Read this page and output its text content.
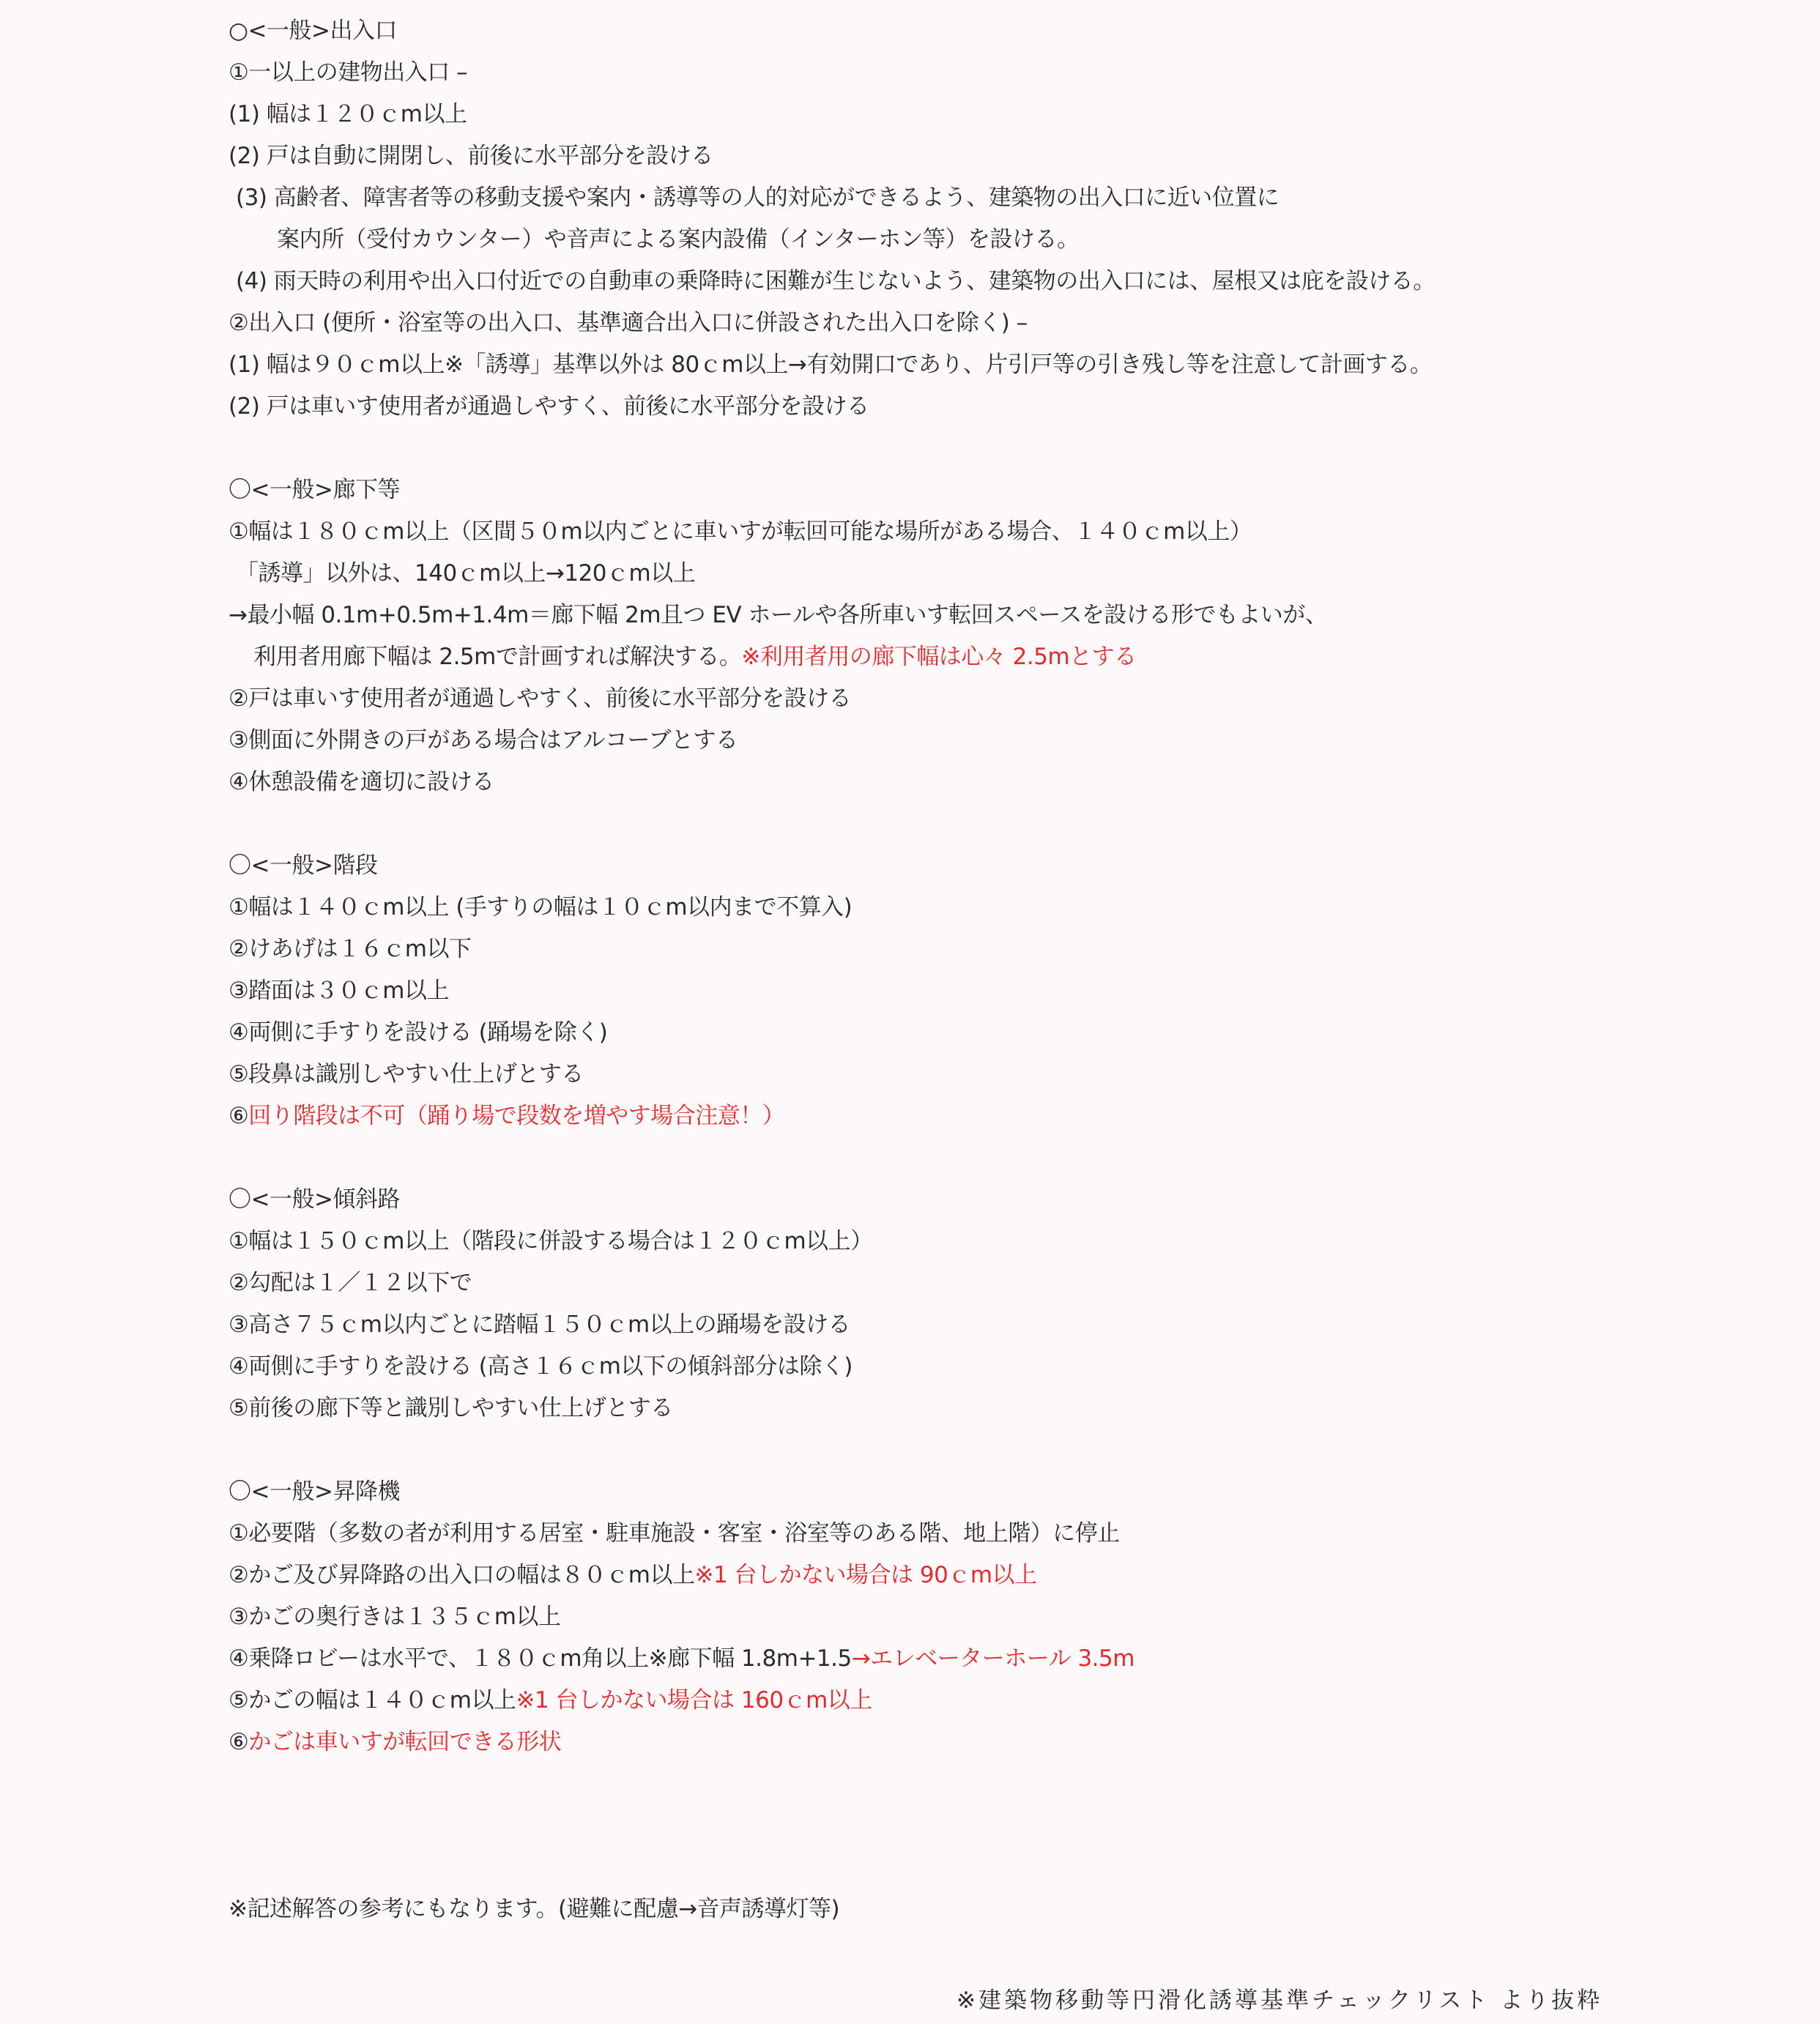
○<一般>出入口
①一以上の建物出入口 –
(1) 幅は１２０ｃm以上
(2) 戸は自動に開閉し、前後に水平部分を設ける
(3) 高齢者、障害者等の移動支援や案内・誘導等の人的対応ができるよう、建築物の出入口に近い位置に
案内所（受付カウンター）や音声による案内設備（インターホン等）を設ける。
(4) 雨天時の利用や出入口付近での自動車の乗降時に困難が生じないよう、建築物の出入口には、屋根又は庇を設ける。
②出入口 (便所・浴室等の出入口、基準適合出入口に併設された出入口を除く) –
(1) 幅は９０ｃm以上※「誘導」基準以外は 80ｃm以上→有効開口であり、片引戸等の引き残し等を注意して計画する。
(2) 戸は車いす使用者が通過しやすく、前後に水平部分を設ける
〇<一般>廊下等
①幅は１８０ｃm以上（区間５０m以内ごとに車いすが転回可能な場所がある場合、１４０ｃm以上）
「誘導」以外は、140ｃm以上→120ｃm以上
→最小幅 0.1m+0.5m+1.4m＝廊下幅 2m且つ EV ホールや各所車いす転回スペースを設ける形でもよいが、
利用者用廊下幅は 2.5mで計画すれば解決する。※利用者用の廊下幅は心々 2.5mとする
②戸は車いす使用者が通過しやすく、前後に水平部分を設ける
③側面に外開きの戸がある場合はアルコーブとする
④休憩設備を適切に設ける
〇<一般>階段
①幅は１４０ｃm以上 (手すりの幅は１０ｃm以内まで不算入)
②けあげは１６ｃm以下
③踏面は３０ｃm以上
④両側に手すりを設ける (踊場を除く)
⑤段鼻は識別しやすい仕上げとする
⑥回り階段は不可（踊り場で段数を増やす場合注意！）
〇<一般>傾斜路
①幅は１５０ｃm以上（階段に併設する場合は１２０ｃm以上）
②勾配は１／１２以下で
③高さ７５ｃm以内ごとに踏幅１５０ｃm以上の踊場を設ける
④両側に手すりを設ける (高さ１６ｃm以下の傾斜部分は除く)
⑤前後の廊下等と識別しやすい仕上げとする
〇<一般>昇降機
①必要階（多数の者が利用する居室・駐車施設・客室・浴室等のある階、地上階）に停止
②かご及び昇降路の出入口の幅は８０ｃm以上※1 台しかない場合は 90ｃm以上
③かごの奥行きは１３５ｃm以上
④乗降ロビーは水平で、１８０ｃm角以上※廊下幅 1.8m+1.5→エレベーターホール 3.5m
⑤かごの幅は１４０ｃm以上※1 台しかない場合は 160ｃm以上
⑥かごは車いすが転回できる形状
※記述解答の参考にもなります。(避難に配慮→音声誘導灯等)
※建築物移動等円滑化誘導基準チェックリスト より抜粋
